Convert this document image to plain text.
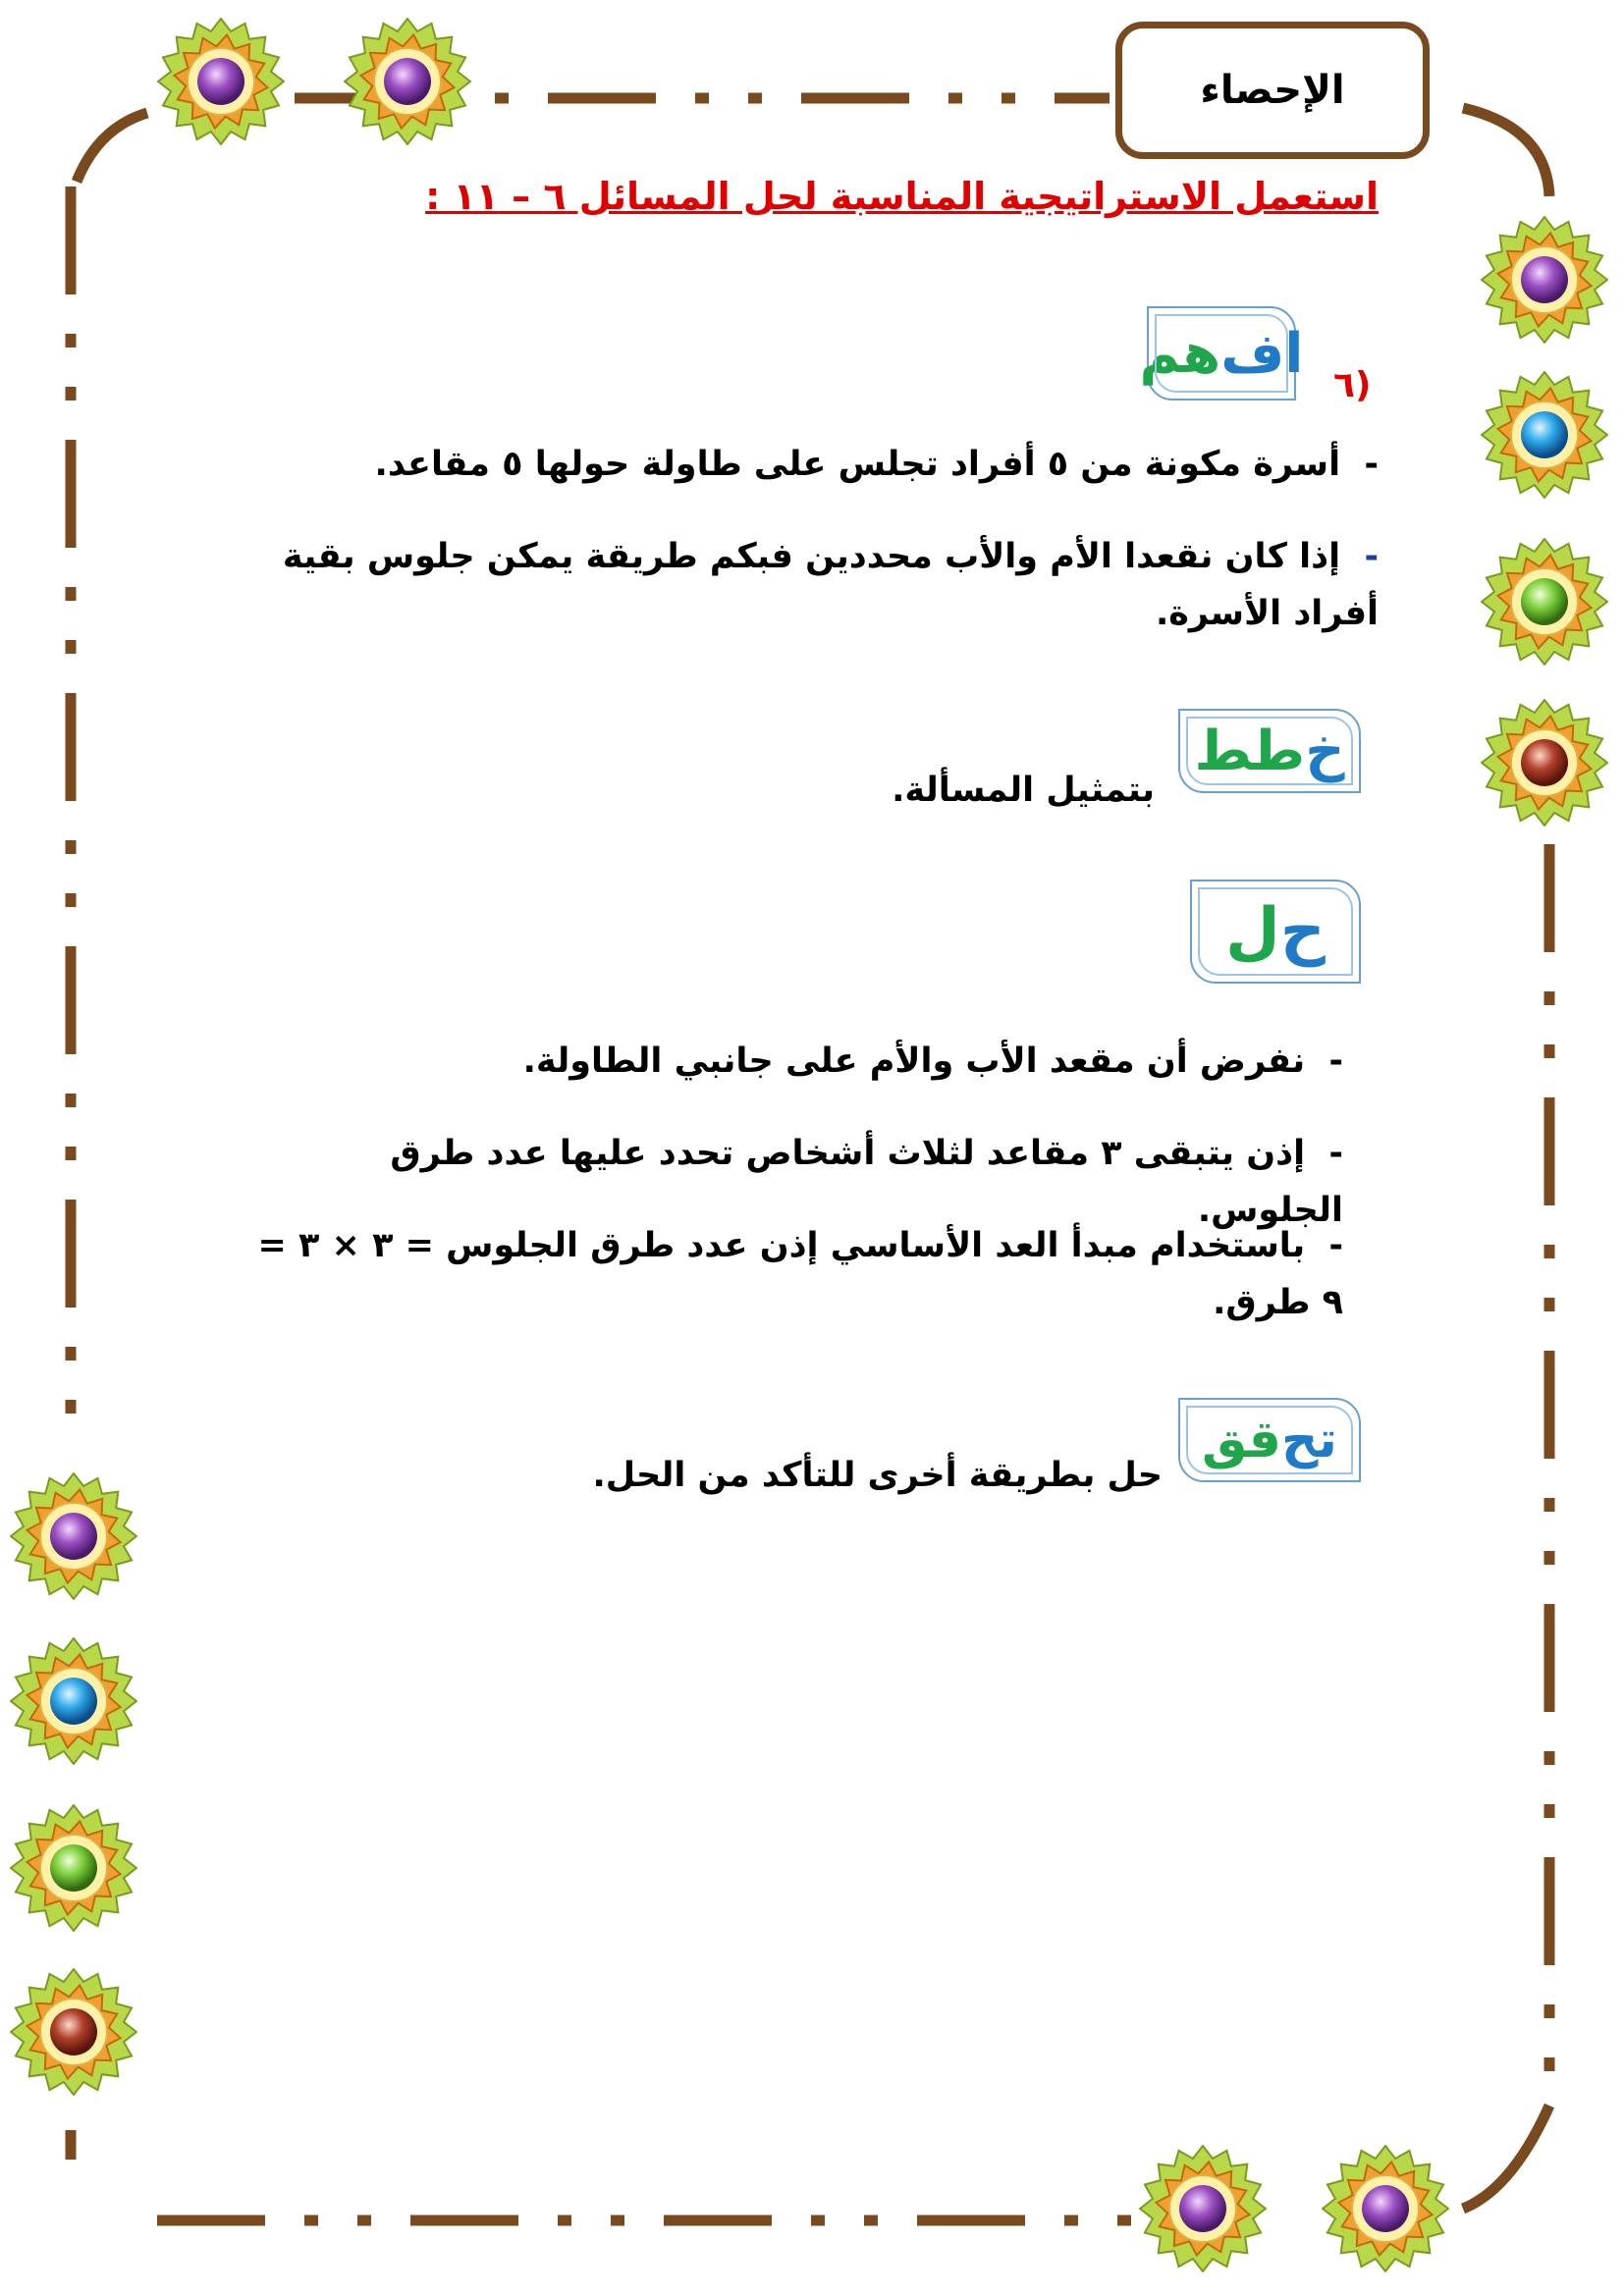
الإحصاء
استعمل الاستراتيجية المناسبة لحل المسائل ٦ – ١١ :
اف
هم	٦)
-  أسرة مكونة من ٥ أفراد تجلس على طاولة حولها ٥ مقاعد.
-  إذا كان نقعدا الأم والأب محددين فبكم طريقة يمكن جلوس بقية أفراد الأسرة.
خ
طط
بتمثيل المسألة.
ح
ل
-  نفرض أن مقعد الأب والأم على جانبي الطاولة.
-  إذن يتبقى ٣ مقاعد لثلاث أشخاص تحدد عليها عدد طرق الجلوس.
-  باستخدام مبدأ العد الأساسي إذن عدد طرق الجلوس = ٣ × ٣ = ٩ طرق.
تح
قق
حل بطريقة أخرى للتأكد من الحل.
